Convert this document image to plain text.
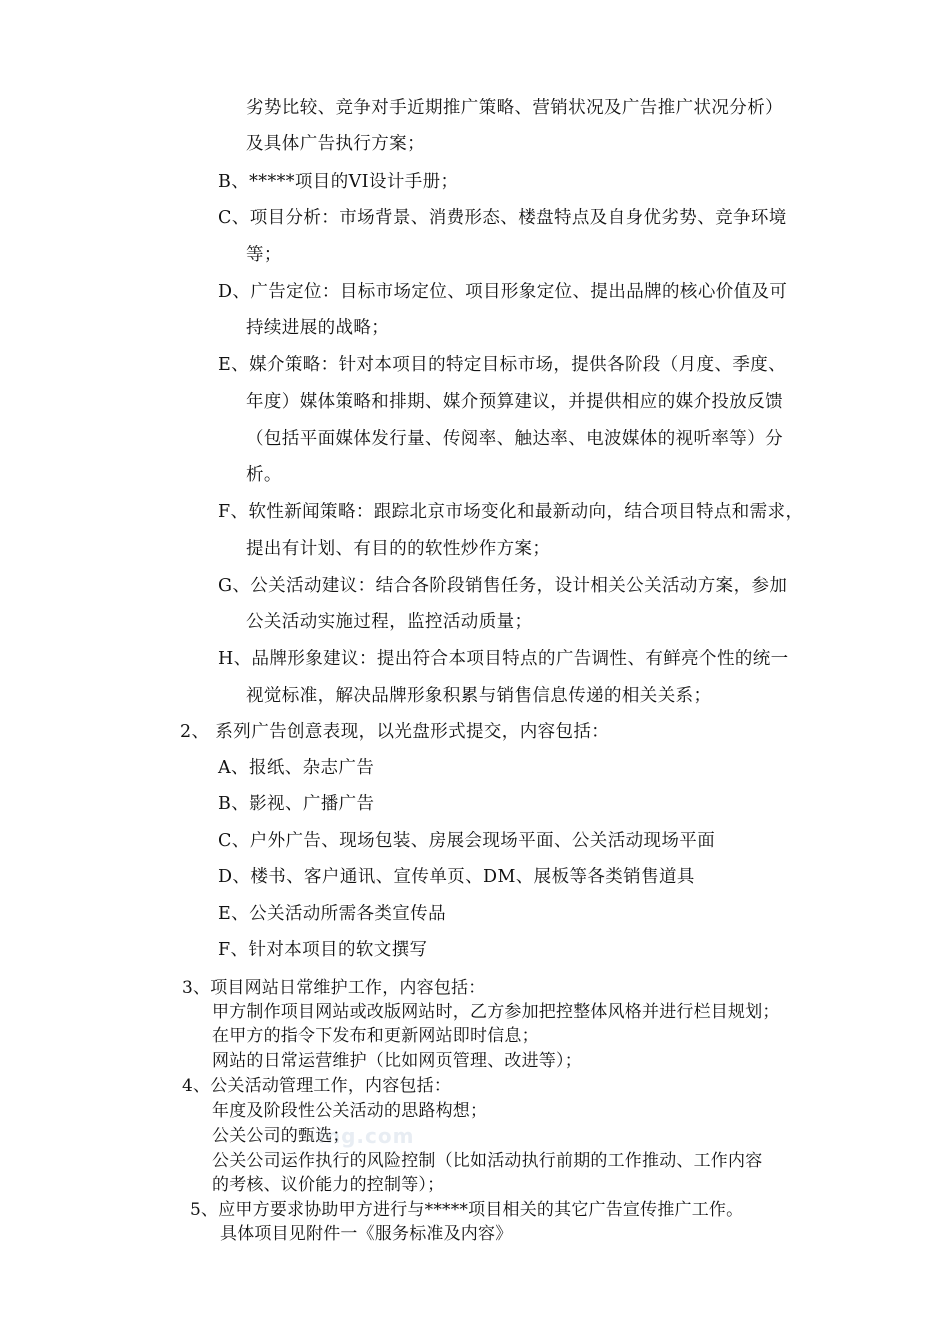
ing.com
劣势比较、竞争对手近期推广策略、营销状况及广告推广状况分析）
及具体广告执行方案；
B、*****项目的VI设计手册；
C、项目分析：市场背景、消费形态、楼盘特点及自身优劣势、竞争环境
等；
D、广告定位：目标市场定位、项目形象定位、提出品牌的核心价值及可
持续进展的战略；
E、媒介策略：针对本项目的特定目标市场，提供各阶段（月度、季度、
年度）媒体策略和排期、媒介预算建议，并提供相应的媒介投放反馈
（包括平面媒体发行量、传阅率、触达率、电波媒体的视听率等）分
析。
F、软性新闻策略：跟踪北京市场变化和最新动向，结合项目特点和需求，
提出有计划、有目的的软性炒作方案；
G、公关活动建议：结合各阶段销售任务，设计相关公关活动方案，参加
公关活动实施过程，监控活动质量；
H、品牌形象建议：提出符合本项目特点的广告调性、有鲜亮个性的统一
视觉标准，解决品牌形象积累与销售信息传递的相关关系；
2、 系列广告创意表现，以光盘形式提交，内容包括：
A、报纸、杂志广告
B、影视、广播广告
C、户外广告、现场包装、房展会现场平面、公关活动现场平面
D、楼书、客户通讯、宣传单页、DM、展板等各类销售道具
E、公关活动所需各类宣传品
F、针对本项目的软文撰写
3、项目网站日常维护工作，内容包括：
甲方制作项目网站或改版网站时，乙方参加把控整体风格并进行栏目规划；
在甲方的指令下发布和更新网站即时信息；
网站的日常运营维护（比如网页管理、改进等）；
4、公关活动管理工作，内容包括：
年度及阶段性公关活动的思路构想；
公关公司的甄选；
公关公司运作执行的风险控制（比如活动执行前期的工作推动、工作内容
的考核、议价能力的控制等）；
5、应甲方要求协助甲方进行与*****项目相关的其它广告宣传推广工作。
具体项目见附件一《服务标准及内容》
